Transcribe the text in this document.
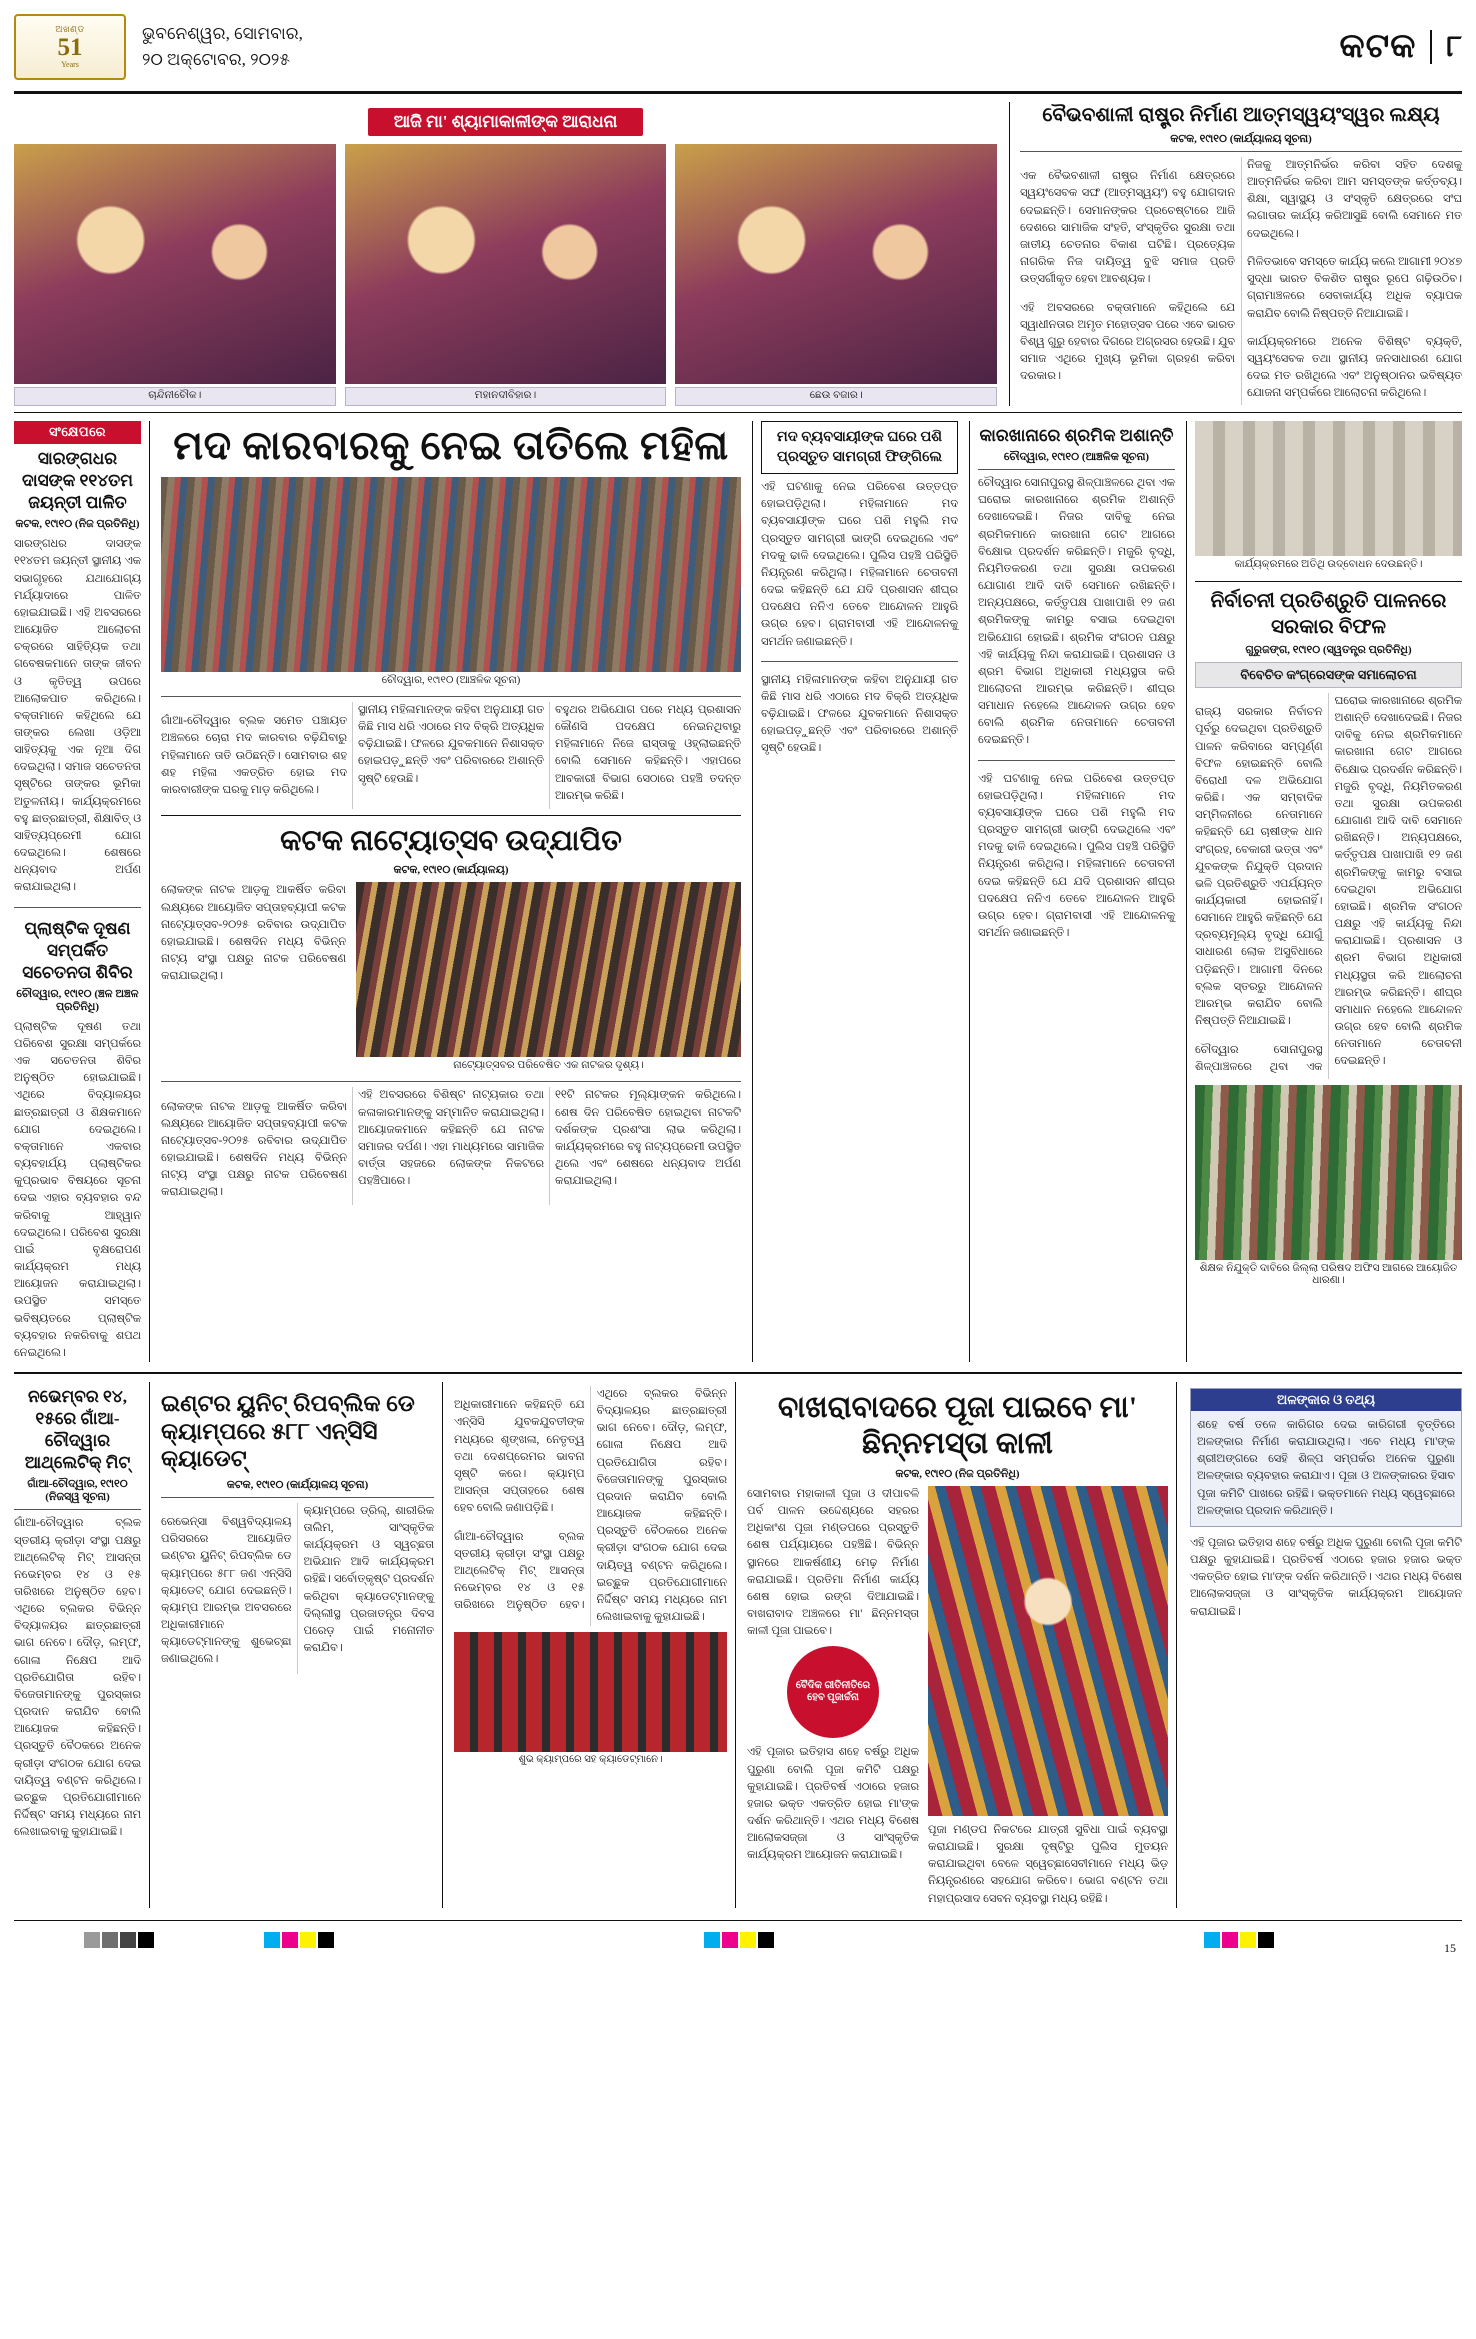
ଅଖଣ୍ଡ
51
Years
ଭୁବନେଶ୍ୱର, ସୋମବାର,
୨୦ ଅକ୍ଟୋବର, ୨୦୨୫	କଟକ	୮
ଆଜି ମା' ଶ୍ୟାମାକାଳୀଙ୍କ ଆରାଧନା
ଚାନ୍ଦିନୀଚୌକ।	ମହାନଦୀବିହାର।	ଛେଉ ବଜାର।
ବୈଭବଶାଳୀ ରାଷ୍ଟ୍ର ନିର୍ମାଣ ଆତ୍ମସ୍ୱୟଂସ୍ୱର ଲକ୍ଷ୍ୟ
କଟକ, ୧୯ା୧୦ (କାର୍ଯ୍ୟାଳୟ ସୂଚନା)

ଏକ ବୈଭବଶାଳୀ ରାଷ୍ଟ୍ର ନିର୍ମାଣ କ୍ଷେତ୍ରରେ ସ୍ୱୟଂସେବକ ସଙ୍ଘ (ଆତ୍ମସ୍ୱୟଂ) ବହୁ ଯୋଗଦାନ ଦେଇଛନ୍ତି। ସେମାନଙ୍କର ପ୍ରଚେଷ୍ଟାରେ ଆଜି ଦେଶରେ ସାମାଜିକ ସଂହତି, ସଂସ୍କୃତିର ସୁରକ୍ଷା ତଥା ଜାତୀୟ ଚେତନାର ବିକାଶ ଘଟିଛି। ପ୍ରତ୍ୟେକ ନାଗରିକ ନିଜ ଦାୟିତ୍ୱ ବୁଝି ସମାଜ ପ୍ରତି ଉତ୍ସର୍ଗୀକୃତ ହେବା ଆବଶ୍ୟକ।

ଏହି ଅବସରରେ ବକ୍ତାମାନେ କହିଥିଲେ ଯେ ସ୍ୱାଧୀନତାର ଅମୃତ ମହୋତ୍ସବ ପରେ ଏବେ ଭାରତ ବିଶ୍ୱ ଗୁରୁ ହେବାର ଦିଗରେ ଅଗ୍ରସର ହେଉଛି। ଯୁବ ସମାଜ ଏଥିରେ ମୁଖ୍ୟ ଭୂମିକା ଗ୍ରହଣ କରିବା ଦରକାର।

ନିଜକୁ ଆତ୍ମନିର୍ଭର କରିବା ସହିତ ଦେଶକୁ ଆତ୍ମନିର୍ଭର କରିବା ଆମ ସମସ୍ତଙ୍କ କର୍ତ୍ତବ୍ୟ। ଶିକ୍ଷା, ସ୍ୱାସ୍ଥ୍ୟ ଓ ସଂସ୍କୃତି କ୍ଷେତ୍ରରେ ସଂଘ ଲଗାତାର କାର୍ଯ୍ୟ କରିଆସୁଛି ବୋଲି ସେମାନେ ମତ ଦେଇଥିଲେ।

ମିଳିତଭାବେ ସମସ୍ତେ କାର୍ଯ୍ୟ କଲେ ଆଗାମୀ ୨୦୪୭ ସୁଦ୍ଧା ଭାରତ ବିକଶିତ ରାଷ୍ଟ୍ର ରୂପେ ଗଢ଼ିଉଠିବ। ଗ୍ରାମାଞ୍ଚଳରେ ସେବାକାର୍ଯ୍ୟ ଅଧିକ ବ୍ୟାପକ କରାଯିବ ବୋଲି ନିଷ୍ପତ୍ତି ନିଆଯାଇଛି।

କାର୍ଯ୍ୟକ୍ରମରେ ଅନେକ ବିଶିଷ୍ଟ ବ୍ୟକ୍ତି, ସ୍ୱୟଂସେବକ ତଥା ସ୍ଥାନୀୟ ଜନସାଧାରଣ ଯୋଗ ଦେଇ ମତ ରଖିଥିଲେ ଏବଂ ଅନୁଷ୍ଠାନର ଭବିଷ୍ୟତ ଯୋଜନା ସମ୍ପର୍କରେ ଆଲୋଚନା କରିଥିଲେ।

ସଂକ୍ଷେପରେ
ସାରଙ୍ଗଧର ଦାସଙ୍କ ୧୧୪ତମ ଜୟନ୍ତୀ ପାଳିତ
କଟକ, ୧୯ା୧୦ (ନିଜ ପ୍ରତିନିଧି)
ସାରଙ୍ଗଧର ଦାସଙ୍କ ୧୧୪ତମ ଜୟନ୍ତୀ ସ୍ଥାନୀୟ ଏକ ସଭାଗୃହରେ ଯଥାଯୋଗ୍ୟ ମର୍ଯ୍ୟାଦାରେ ପାଳିତ ହୋଇଯାଇଛି। ଏହି ଅବସରରେ ଆୟୋଜିତ ଆଲୋଚନା ଚକ୍ରରେ ସାହିତ୍ୟିକ ତଥା ଗବେଷକମାନେ ତାଙ୍କ ଜୀବନ ଓ କୃତିତ୍ୱ ଉପରେ ଆଲୋକପାତ କରିଥିଲେ। ବକ୍ତାମାନେ କହିଥିଲେ ଯେ ତାଙ୍କର ଲେଖା ଓଡ଼ିଆ ସାହିତ୍ୟକୁ ଏକ ନୂଆ ଦିଗ ଦେଇଥିଲା। ସମାଜ ସଚେତନତା ସୃଷ୍ଟିରେ ତାଙ୍କର ଭୂମିକା ଅତୁଳନୀୟ। କାର୍ଯ୍ୟକ୍ରମରେ ବହୁ ଛାତ୍ରଛାତ୍ରୀ, ଶିକ୍ଷାବିତ୍ ଓ ସାହିତ୍ୟପ୍ରେମୀ ଯୋଗ ଦେଇଥିଲେ। ଶେଷରେ ଧନ୍ୟବାଦ ଅର୍ପଣ କରାଯାଇଥିଲା।
ପ୍ଲାଷ୍ଟିକ ଦୂଷଣ ସମ୍ପର୍କିତ ସଚେତନତା ଶିବିର
ଚୌଦ୍ୱାର, ୧୯ା୧୦ (ଞ୍ଚଳ ଅଞ୍ଚଳ ପ୍ରତିନିଧି)
ପ୍ଲାଷ୍ଟିକ ଦୂଷଣ ତଥା ପରିବେଶ ସୁରକ୍ଷା ସମ୍ପର୍କରେ ଏକ ସଚେତନତା ଶିବିର ଅନୁଷ୍ଠିତ ହୋଇଯାଇଛି। ଏଥିରେ ବିଦ୍ୟାଳୟର ଛାତ୍ରଛାତ୍ରୀ ଓ ଶିକ୍ଷକମାନେ ଯୋଗ ଦେଇଥିଲେ। ବକ୍ତାମାନେ ଏକବାର ବ୍ୟବହାର୍ଯ୍ୟ ପ୍ଲାଷ୍ଟିକର କୁପ୍ରଭାବ ବିଷୟରେ ସୂଚନା ଦେଇ ଏହାର ବ୍ୟବହାର ବନ୍ଦ କରିବାକୁ ଆହ୍ୱାନ ଦେଇଥିଲେ। ପରିବେଶ ସୁରକ୍ଷା ପାଇଁ ବୃକ୍ଷରୋପଣ କାର୍ଯ୍ୟକ୍ରମ ମଧ୍ୟ ଆୟୋଜନ କରାଯାଇଥିଲା। ଉପସ୍ଥିତ ସମସ୍ତେ ଭବିଷ୍ୟତରେ ପ୍ଲାଷ୍ଟିକ ବ୍ୟବହାର ନକରିବାକୁ ଶପଥ ନେଇଥିଲେ।
ମଦ କାରବାରକୁ ନେଇ ତାତିଲେ ମହିଳା
ଚୌଦ୍ୱାର, ୧୯ା୧୦ (ଆଞ୍ଚଳିକ ସୂଚନା)

ଗାଁଆ-ଚୌଦ୍ୱାର ବ୍ଲକ ସମେତ ପଞ୍ଚାୟତ ଅଞ୍ଚଳରେ ଚୋରା ମଦ କାରବାର ବଢ଼ିଯିବାରୁ ମହିଳାମାନେ ତାତି ଉଠିଛନ୍ତି। ସୋମବାର ଶହ ଶହ ମହିଳା ଏକତ୍ରିତ ହୋଇ ମଦ କାରବାରୀଙ୍କ ଘରକୁ ମାଡ଼ କରିଥିଲେ।

ସ୍ଥାନୀୟ ମହିଳାମାନଙ୍କ କହିବା ଅନୁଯାୟୀ ଗତ କିଛି ମାସ ଧରି ଏଠାରେ ମଦ ବିକ୍ରି ଅତ୍ୟଧିକ ବଢ଼ିଯାଇଛି। ଫଳରେ ଯୁବକମାନେ ନିଶାସକ୍ତ ହୋଇପଡ଼ୁଛନ୍ତି ଏବଂ ପରିବାରରେ ଅଶାନ୍ତି ସୃଷ୍ଟି ହେଉଛି।

ବହୁଥର ଅଭିଯୋଗ ପରେ ମଧ୍ୟ ପ୍ରଶାସନ କୌଣସି ପଦକ୍ଷେପ ନେଇନଥିବାରୁ ମହିଳାମାନେ ନିଜେ ରାସ୍ତାକୁ ଓହ୍ଲାଇଛନ୍ତି ବୋଲି ସେମାନେ କହିଛନ୍ତି। ଏହାପରେ ଆବକାରୀ ବିଭାଗ ସେଠାରେ ପହଞ୍ଚି ତଦନ୍ତ ଆରମ୍ଭ କରିଛି।

କଟକ ନାଟ୍ୟୋତ୍ସବ ଉଦ୍‌ଯାପିତ
କଟକ, ୧୯ା୧୦ (କାର୍ଯ୍ୟାଳୟ)
ଲୋକଙ୍କ ନାଟକ ଆଡ଼କୁ ଆକର୍ଷିତ କରିବା ଲକ୍ଷ୍ୟରେ ଆୟୋଜିତ ସପ୍ତାହବ୍ୟାପୀ କଟକ ନାଟ୍ୟୋତ୍ସବ-୨୦୨୫ ରବିବାର ଉଦ୍‌ଯାପିତ ହୋଇଯାଇଛି। ଶେଷଦିନ ମଧ୍ୟ ବିଭିନ୍ନ ନାଟ୍ୟ ସଂସ୍ଥା ପକ୍ଷରୁ ନାଟକ ପରିବେଷଣ କରାଯାଇଥିଲା।
ନାଟ୍ୟୋତ୍ସବର ପରିବେଷିତ ଏକ ନାଟକର ଦୃଶ୍ୟ।

ଲୋକଙ୍କ ନାଟକ ଆଡ଼କୁ ଆକର୍ଷିତ କରିବା ଲକ୍ଷ୍ୟରେ ଆୟୋଜିତ ସପ୍ତାହବ୍ୟାପୀ କଟକ ନାଟ୍ୟୋତ୍ସବ-୨୦୨୫ ରବିବାର ଉଦ୍‌ଯାପିତ ହୋଇଯାଇଛି। ଶେଷଦିନ ମଧ୍ୟ ବିଭିନ୍ନ ନାଟ୍ୟ ସଂସ୍ଥା ପକ୍ଷରୁ ନାଟକ ପରିବେଷଣ କରାଯାଇଥିଲା।

ଏହି ଅବସରରେ ବିଶିଷ୍ଟ ନାଟ୍ୟକାର ତଥା କଳାକାରମାନଙ୍କୁ ସମ୍ମାନିତ କରାଯାଇଥିଲା। ଆୟୋଜକମାନେ କହିଛନ୍ତି ଯେ ନାଟକ ସମାଜର ଦର୍ପଣ। ଏହା ମାଧ୍ୟମରେ ସାମାଜିକ ବାର୍ତ୍ତା ସହଜରେ ଲୋକଙ୍କ ନିକଟରେ ପହଞ୍ଚିପାରେ।

୧୧ଟି ନାଟକର ମୂଲ୍ୟାଙ୍କନ କରିଥିଲେ। ଶେଷ ଦିନ ପରିବେଷିତ ହୋଇଥିବା ନାଟକଟି ଦର୍ଶକଙ୍କ ପ୍ରଶଂସା ଲାଭ କରିଥିଲା। କାର୍ଯ୍ୟକ୍ରମରେ ବହୁ ନାଟ୍ୟପ୍ରେମୀ ଉପସ୍ଥିତ ଥିଲେ ଏବଂ ଶେଷରେ ଧନ୍ୟବାଦ ଅର୍ପଣ କରାଯାଇଥିଲା।

ମଦ ବ୍ୟବସାୟୀଙ୍କ ଘରେ ପଶି ପ୍ରସ୍ତୁତ ସାମଗ୍ରୀ ଫିଙ୍ଗିଲେ
ଏହି ଘଟଣାକୁ ନେଇ ପରିବେଶ ଉତ୍ତପ୍ତ ହୋଇପଡ଼ିଥିଲା। ମହିଳାମାନେ ମଦ ବ୍ୟବସାୟୀଙ୍କ ଘରେ ପଶି ମହୁଲି ମଦ ପ୍ରସ୍ତୁତ ସାମଗ୍ରୀ ଭାଙ୍ଗି ଦେଇଥିଲେ ଏବଂ ମଦକୁ ଢାଳି ଦେଇଥିଲେ। ପୁଲିସ ପହଞ୍ଚି ପରିସ୍ଥିତି ନିୟନ୍ତ୍ରଣ କରିଥିଲା। ମହିଳାମାନେ ଚେତାବନୀ ଦେଇ କହିଛନ୍ତି ଯେ ଯଦି ପ୍ରଶାସନ ଶୀଘ୍ର ପଦକ୍ଷେପ ନନିଏ ତେବେ ଆନ୍ଦୋଳନ ଆହୁରି ଉଗ୍ର ହେବ। ଗ୍ରାମବାସୀ ଏହି ଆନ୍ଦୋଳନକୁ ସମର୍ଥନ ଜଣାଇଛନ୍ତି।
ସ୍ଥାନୀୟ ମହିଳାମାନଙ୍କ କହିବା ଅନୁଯାୟୀ ଗତ କିଛି ମାସ ଧରି ଏଠାରେ ମଦ ବିକ୍ରି ଅତ୍ୟଧିକ ବଢ଼ିଯାଇଛି। ଫଳରେ ଯୁବକମାନେ ନିଶାସକ୍ତ ହୋଇପଡ଼ୁଛନ୍ତି ଏବଂ ପରିବାରରେ ଅଶାନ୍ତି ସୃଷ୍ଟି ହେଉଛି।
କାରଖାନାରେ ଶ୍ରମିକ ଅଶାନ୍ତି
ଚୌଦ୍ୱାର, ୧୯ା୧୦ (ଆଞ୍ଚଳିକ ସୂଚନା)
ଚୌଦ୍ୱାର ସୋନାପୁରସ୍ଥ ଶିଳ୍ପାଞ୍ଚଳରେ ଥିବା ଏକ ଘରୋଇ କାରଖାନାରେ ଶ୍ରମିକ ଅଶାନ୍ତି ଦେଖାଦେଇଛି। ନିଜର ଦାବିକୁ ନେଇ ଶ୍ରମିକମାନେ କାରଖାନା ଗେଟ ଆଗରେ ବିକ୍ଷୋଭ ପ୍ରଦର୍ଶନ କରିଛନ୍ତି। ମଜୁରି ବୃଦ୍ଧି, ନିୟମିତକରଣ ତଥା ସୁରକ୍ଷା ଉପକରଣ ଯୋଗାଣ ଆଦି ଦାବି ସେମାନେ ରଖିଛନ୍ତି। ଅନ୍ୟପକ୍ଷରେ, କର୍ତ୍ତୃପକ୍ଷ ପାଖାପାଖି ୧୨ ଜଣ ଶ୍ରମିକଙ୍କୁ କାମରୁ ବସାଇ ଦେଇଥିବା ଅଭିଯୋଗ ହୋଇଛି। ଶ୍ରମିକ ସଂଗଠନ ପକ୍ଷରୁ ଏହି କାର୍ଯ୍ୟକୁ ନିନ୍ଦା କରାଯାଇଛି। ପ୍ରଶାସନ ଓ ଶ୍ରମ ବିଭାଗ ଅଧିକାରୀ ମଧ୍ୟସ୍ଥତା କରି ଆଲୋଚନା ଆରମ୍ଭ କରିଛନ୍ତି। ଶୀଘ୍ର ସମାଧାନ ନହେଲେ ଆନ୍ଦୋଳନ ଉଗ୍ର ହେବ ବୋଲି ଶ୍ରମିକ ନେତାମାନେ ଚେତାବନୀ ଦେଇଛନ୍ତି।
ଏହି ଘଟଣାକୁ ନେଇ ପରିବେଶ ଉତ୍ତପ୍ତ ହୋଇପଡ଼ିଥିଲା। ମହିଳାମାନେ ମଦ ବ୍ୟବସାୟୀଙ୍କ ଘରେ ପଶି ମହୁଲି ମଦ ପ୍ରସ୍ତୁତ ସାମଗ୍ରୀ ଭାଙ୍ଗି ଦେଇଥିଲେ ଏବଂ ମଦକୁ ଢାଳି ଦେଇଥିଲେ। ପୁଲିସ ପହଞ୍ଚି ପରିସ୍ଥିତି ନିୟନ୍ତ୍ରଣ କରିଥିଲା। ମହିଳାମାନେ ଚେତାବନୀ ଦେଇ କହିଛନ୍ତି ଯେ ଯଦି ପ୍ରଶାସନ ଶୀଘ୍ର ପଦକ୍ଷେପ ନନିଏ ତେବେ ଆନ୍ଦୋଳନ ଆହୁରି ଉଗ୍ର ହେବ। ଗ୍ରାମବାସୀ ଏହି ଆନ୍ଦୋଳନକୁ ସମର୍ଥନ ଜଣାଇଛନ୍ତି।
କାର୍ଯ୍ୟକ୍ରମରେ ଅତିଥି ଉଦ୍‌ବୋଧନ ଦେଉଛନ୍ତି।
ନିର୍ବାଚନୀ ପ୍ରତିଶ୍ରୁତି ପାଳନରେ ସରକାର ବିଫଳ
ଗୁରୁଜଙ୍ଗ, ୧୯ା୧୦ (ସ୍ୱତନ୍ତ୍ର ପ୍ରତିନିଧି)
ବିବେଚିତ କଂଗ୍ରେସଙ୍କ ସମାଲୋଚନା

ରାଜ୍ୟ ସରକାର ନିର୍ବାଚନ ପୂର୍ବରୁ ଦେଇଥିବା ପ୍ରତିଶ୍ରୁତି ପାଳନ କରିବାରେ ସମ୍ପୂର୍ଣ୍ଣ ବିଫଳ ହୋଇଛନ୍ତି ବୋଲି ବିରୋଧୀ ଦଳ ଅଭିଯୋଗ କରିଛି। ଏକ ସମ୍ବାଦିକ ସମ୍ମିଳନୀରେ ନେତାମାନେ କହିଛନ୍ତି ଯେ ଚାଷୀଙ୍କ ଧାନ ସଂଗ୍ରହ, ବେକାରୀ ଭତ୍ତା ଏବଂ ଯୁବକଙ୍କ ନିଯୁକ୍ତି ପ୍ରଦାନ ଭଳି ପ୍ରତିଶ୍ରୁତି ଏପର୍ଯ୍ୟନ୍ତ କାର୍ଯ୍ୟକାରୀ ହୋଇନାହିଁ। ସେମାନେ ଆହୁରି କହିଛନ୍ତି ଯେ ଦ୍ରବ୍ୟମୂଲ୍ୟ ବୃଦ୍ଧି ଯୋଗୁଁ ସାଧାରଣ ଲୋକ ଅସୁବିଧାରେ ପଡ଼ିଛନ୍ତି। ଆଗାମୀ ଦିନରେ ବ୍ଲକ ସ୍ତରରୁ ଆନ୍ଦୋଳନ ଆରମ୍ଭ କରାଯିବ ବୋଲି ନିଷ୍ପତ୍ତି ନିଆଯାଇଛି।

ଚୌଦ୍ୱାର ସୋନାପୁରସ୍ଥ ଶିଳ୍ପାଞ୍ଚଳରେ ଥିବା ଏକ ଘରୋଇ କାରଖାନାରେ ଶ୍ରମିକ ଅଶାନ୍ତି ଦେଖାଦେଇଛି। ନିଜର ଦାବିକୁ ନେଇ ଶ୍ରମିକମାନେ କାରଖାନା ଗେଟ ଆଗରେ ବିକ୍ଷୋଭ ପ୍ରଦର୍ଶନ କରିଛନ୍ତି। ମଜୁରି ବୃଦ୍ଧି, ନିୟମିତକରଣ ତଥା ସୁରକ୍ଷା ଉପକରଣ ଯୋଗାଣ ଆଦି ଦାବି ସେମାନେ ରଖିଛନ୍ତି। ଅନ୍ୟପକ୍ଷରେ, କର୍ତ୍ତୃପକ୍ଷ ପାଖାପାଖି ୧୨ ଜଣ ଶ୍ରମିକଙ୍କୁ କାମରୁ ବସାଇ ଦେଇଥିବା ଅଭିଯୋଗ ହୋଇଛି। ଶ୍ରମିକ ସଂଗଠନ ପକ୍ଷରୁ ଏହି କାର୍ଯ୍ୟକୁ ନିନ୍ଦା କରାଯାଇଛି। ପ୍ରଶାସନ ଓ ଶ୍ରମ ବିଭାଗ ଅଧିକାରୀ ମଧ୍ୟସ୍ଥତା କରି ଆଲୋଚନା ଆରମ୍ଭ କରିଛନ୍ତି। ଶୀଘ୍ର ସମାଧାନ ନହେଲେ ଆନ୍ଦୋଳନ ଉଗ୍ର ହେବ ବୋଲି ଶ୍ରମିକ ନେତାମାନେ ଚେତାବନୀ ଦେଇଛନ୍ତି।

ଶିକ୍ଷକ ନିଯୁକ୍ତି ଦାବିରେ ଜିଲ୍ଲା ପରିଷଦ ଅଫିସ ଆଗରେ ଆୟୋଜିତ ଧାରଣା।
ନଭେମ୍ବର ୧୪, ୧୫ରେ ଗାଁଆ-ଚୌଦ୍ୱାର ଆଥ୍‌ଲେଟିକ୍ ମିଟ୍
ଗାଁଆ-ଚୌଦ୍ୱାର, ୧୯ା୧୦ (ନିଜସ୍ୱ ସୂଚନା)
ଗାଁଆ-ଚୌଦ୍ୱାର ବ୍ଲକ ସ୍ତରୀୟ କ୍ରୀଡ଼ା ସଂସ୍ଥା ପକ୍ଷରୁ ଆଥ୍‌ଲେଟିକ୍ ମିଟ୍ ଆସନ୍ତା ନଭେମ୍ବର ୧୪ ଓ ୧୫ ତାରିଖରେ ଅନୁଷ୍ଠିତ ହେବ। ଏଥିରେ ବ୍ଲକର ବିଭିନ୍ନ ବିଦ୍ୟାଳୟର ଛାତ୍ରଛାତ୍ରୀ ଭାଗ ନେବେ। ଦୌଡ଼, ଲମ୍ଫ, ଗୋଳା ନିକ୍ଷେପ ଆଦି ପ୍ରତିଯୋଗିତା ରହିବ। ବିଜେତାମାନଙ୍କୁ ପୁରସ୍କାର ପ୍ରଦାନ କରାଯିବ ବୋଲି ଆୟୋଜକ କହିଛନ୍ତି। ପ୍ରସ୍ତୁତି ବୈଠକରେ ଅନେକ କ୍ରୀଡ଼ା ସଂଗଠକ ଯୋଗ ଦେଇ ଦାୟିତ୍ୱ ବଣ୍ଟନ କରିଥିଲେ। ଇଚ୍ଛୁକ ପ୍ରତିଯୋଗୀମାନେ ନିର୍ଦ୍ଦିଷ୍ଟ ସମୟ ମଧ୍ୟରେ ନାମ ଲେଖାଇବାକୁ କୁହାଯାଇଛି।
ଇଣ୍ଟର ୟୁନିଟ୍ ରିପବ୍ଲିକ ଡେ କ୍ୟାମ୍ପରେ ୫୮୮ ଏନ୍‌ସିସି କ୍ୟାଡେଟ୍
କଟକ, ୧୯ା୧୦ (କାର୍ଯ୍ୟାଳୟ ସୂଚନା)

ରେଭେନ୍‌ସା ବିଶ୍ୱବିଦ୍ୟାଳୟ ପରିସରରେ ଆୟୋଜିତ ଇଣ୍ଟର ୟୁନିଟ୍ ରିପବ୍ଲିକ ଡେ କ୍ୟାମ୍ପରେ ୫୮୮ ଜଣ ଏନ୍‌ସିସି କ୍ୟାଡେଟ୍ ଯୋଗ ଦେଇଛନ୍ତି। କ୍ୟାମ୍ପ ଆରମ୍ଭ ଅବସରରେ ଅଧିକାରୀମାନେ କ୍ୟାଡେଟ୍‌ମାନଙ୍କୁ ଶୁଭେଚ୍ଛା ଜଣାଇଥିଲେ।

କ୍ୟାମ୍ପରେ ଡ୍ରିଲ୍, ଶାରୀରିକ ତାଲିମ, ସାଂସ୍କୃତିକ କାର୍ଯ୍ୟକ୍ରମ ଓ ସ୍ୱଚ୍ଛତା ଅଭିଯାନ ଆଦି କାର୍ଯ୍ୟକ୍ରମ ରହିଛି। ସର୍ବୋତ୍କୃଷ୍ଟ ପ୍ରଦର୍ଶନ କରିଥିବା କ୍ୟାଡେଟ୍‌ମାନଙ୍କୁ ଦିଲ୍ଲୀସ୍ଥ ପ୍ରଜାତନ୍ତ୍ର ଦିବସ ପରେଡ଼ ପାଇଁ ମନୋନୀତ କରାଯିବ।

ଅଧିକାରୀମାନେ କହିଛନ୍ତି ଯେ ଏନ୍‌ସିସି ଯୁବକଯୁବତୀଙ୍କ ମଧ୍ୟରେ ଶୃଙ୍ଖଳା, ନେତୃତ୍ୱ ତଥା ଦେଶପ୍ରେମର ଭାବନା ସୃଷ୍ଟି କରେ। କ୍ୟାମ୍ପ ଆସନ୍ତା ସପ୍ତାହରେ ଶେଷ ହେବ ବୋଲି ଜଣାପଡ଼ିଛି।

ଗାଁଆ-ଚୌଦ୍ୱାର ବ୍ଲକ ସ୍ତରୀୟ କ୍ରୀଡ଼ା ସଂସ୍ଥା ପକ୍ଷରୁ ଆଥ୍‌ଲେଟିକ୍ ମିଟ୍ ଆସନ୍ତା ନଭେମ୍ବର ୧୪ ଓ ୧୫ ତାରିଖରେ ଅନୁଷ୍ଠିତ ହେବ। ଏଥିରେ ବ୍ଲକର ବିଭିନ୍ନ ବିଦ୍ୟାଳୟର ଛାତ୍ରଛାତ୍ରୀ ଭାଗ ନେବେ। ଦୌଡ଼, ଲମ୍ଫ, ଗୋଳା ନିକ୍ଷେପ ଆଦି ପ୍ରତିଯୋଗିତା ରହିବ। ବିଜେତାମାନଙ୍କୁ ପୁରସ୍କାର ପ୍ରଦାନ କରାଯିବ ବୋଲି ଆୟୋଜକ କହିଛନ୍ତି। ପ୍ରସ୍ତୁତି ବୈଠକରେ ଅନେକ କ୍ରୀଡ଼ା ସଂଗଠକ ଯୋଗ ଦେଇ ଦାୟିତ୍ୱ ବଣ୍ଟନ କରିଥିଲେ। ଇଚ୍ଛୁକ ପ୍ରତିଯୋଗୀମାନେ ନିର୍ଦ୍ଦିଷ୍ଟ ସମୟ ମଧ୍ୟରେ ନାମ ଲେଖାଇବାକୁ କୁହାଯାଇଛି।

ଶୁଭ କ୍ୟାମ୍ପରେ ସହ କ୍ୟାଡେଟ୍‌ମାନେ।
ବାଖରାବାଦରେ ପୂଜା ପାଇବେ ମା' ଛିନ୍ନମସ୍ତା କାଳୀ
କଟକ, ୧୯ା୧୦ (ନିଜ ପ୍ରତିନିଧି)
ସୋମବାର ମହାକାଳୀ ପୂଜା ଓ ଦୀପାବଳି ପର୍ବ ପାଳନ ଉଦ୍ଦେଶ୍ୟରେ ସହରର ଅଧିକାଂଶ ପୂଜା ମଣ୍ଡପରେ ପ୍ରସ୍ତୁତି ଶେଷ ପର୍ଯ୍ୟାୟରେ ପହଞ୍ଚିଛି। ବିଭିନ୍ନ ସ୍ଥାନରେ ଆକର୍ଷଣୀୟ ମେଢ଼ ନିର୍ମାଣ କରାଯାଇଛି। ପ୍ରତିମା ନିର୍ମାଣ କାର୍ଯ୍ୟ ଶେଷ ହୋଇ ରଙ୍ଗ ଦିଆଯାଇଛି। ବାଖରାବାଦ ଅଞ୍ଚଳରେ ମା' ଛିନ୍ନମସ୍ତା କାଳୀ ପୂଜା ପାଇବେ।
ବୈଦିକ ରୀତିନୀତିରେ ହେବ ପୂଜାର୍ଚ୍ଚନା
ଏହି ପୂଜାର ଇତିହାସ ଶହେ ବର୍ଷରୁ ଅଧିକ ପୁରୁଣା ବୋଲି ପୂଜା କମିଟି ପକ୍ଷରୁ କୁହାଯାଇଛି। ପ୍ରତିବର୍ଷ ଏଠାରେ ହଜାର ହଜାର ଭକ୍ତ ଏକତ୍ରିତ ହୋଇ ମା'ଙ୍କ ଦର୍ଶନ କରିଥାନ୍ତି। ଏଥର ମଧ୍ୟ ବିଶେଷ ଆଲୋକସଜ୍ଜା ଓ ସାଂସ୍କୃତିକ କାର୍ଯ୍ୟକ୍ରମ ଆୟୋଜନ କରାଯାଇଛି।
ପୂଜା ମଣ୍ଡପ ନିକଟରେ ଯାତ୍ରୀ ସୁବିଧା ପାଇଁ ବ୍ୟବସ୍ଥା କରାଯାଇଛି। ସୁରକ୍ଷା ଦୃଷ୍ଟିରୁ ପୁଲିସ ମୁତୟନ କରାଯାଇଥିବା ବେଳେ ସ୍ୱେଚ୍ଛାସେବୀମାନେ ମଧ୍ୟ ଭିଡ଼ ନିୟନ୍ତ୍ରଣରେ ସହଯୋଗ କରିବେ। ଭୋଗ ବଣ୍ଟନ ତଥା ମହାପ୍ରସାଦ ସେବନ ବ୍ୟବସ୍ଥା ମଧ୍ୟ ରହିଛି।
ଅଳଙ୍କାର ଓ ତଥ୍ୟ
ଶହେ ବର୍ଷ ତଳେ କାରିଗର ଦେଇ କାରିଗରୀ ବୃତ୍ତିରେ ଅଳଙ୍କାର ନିର୍ମାଣ କରାଯାଉଥିଲା। ଏବେ ମଧ୍ୟ ମା'ଙ୍କ ଶ୍ରୀଅଙ୍ଗରେ ସେହି ଶିଳ୍ପ ସମ୍ପର୍କର ଅନେକ ପୁରୁଣା ଅଳଙ୍କାର ବ୍ୟବହାର କରାଯାଏ। ପୂଜା ଓ ଅଳଙ୍କାରର ହିସାବ ପୂଜା କମିଟି ପାଖରେ ରହିଛି। ଭକ୍ତମାନେ ମଧ୍ୟ ସ୍ୱେଚ୍ଛାରେ ଅଳଙ୍କାର ପ୍ରଦାନ କରିଥାନ୍ତି।
ଏହି ପୂଜାର ଇତିହାସ ଶହେ ବର୍ଷରୁ ଅଧିକ ପୁରୁଣା ବୋଲି ପୂଜା କମିଟି ପକ୍ଷରୁ କୁହାଯାଇଛି। ପ୍ରତିବର୍ଷ ଏଠାରେ ହଜାର ହଜାର ଭକ୍ତ ଏକତ୍ରିତ ହୋଇ ମା'ଙ୍କ ଦର୍ଶନ କରିଥାନ୍ତି। ଏଥର ମଧ୍ୟ ବିଶେଷ ଆଲୋକସଜ୍ଜା ଓ ସାଂସ୍କୃତିକ କାର୍ଯ୍ୟକ୍ରମ ଆୟୋଜନ କରାଯାଇଛି।
15
